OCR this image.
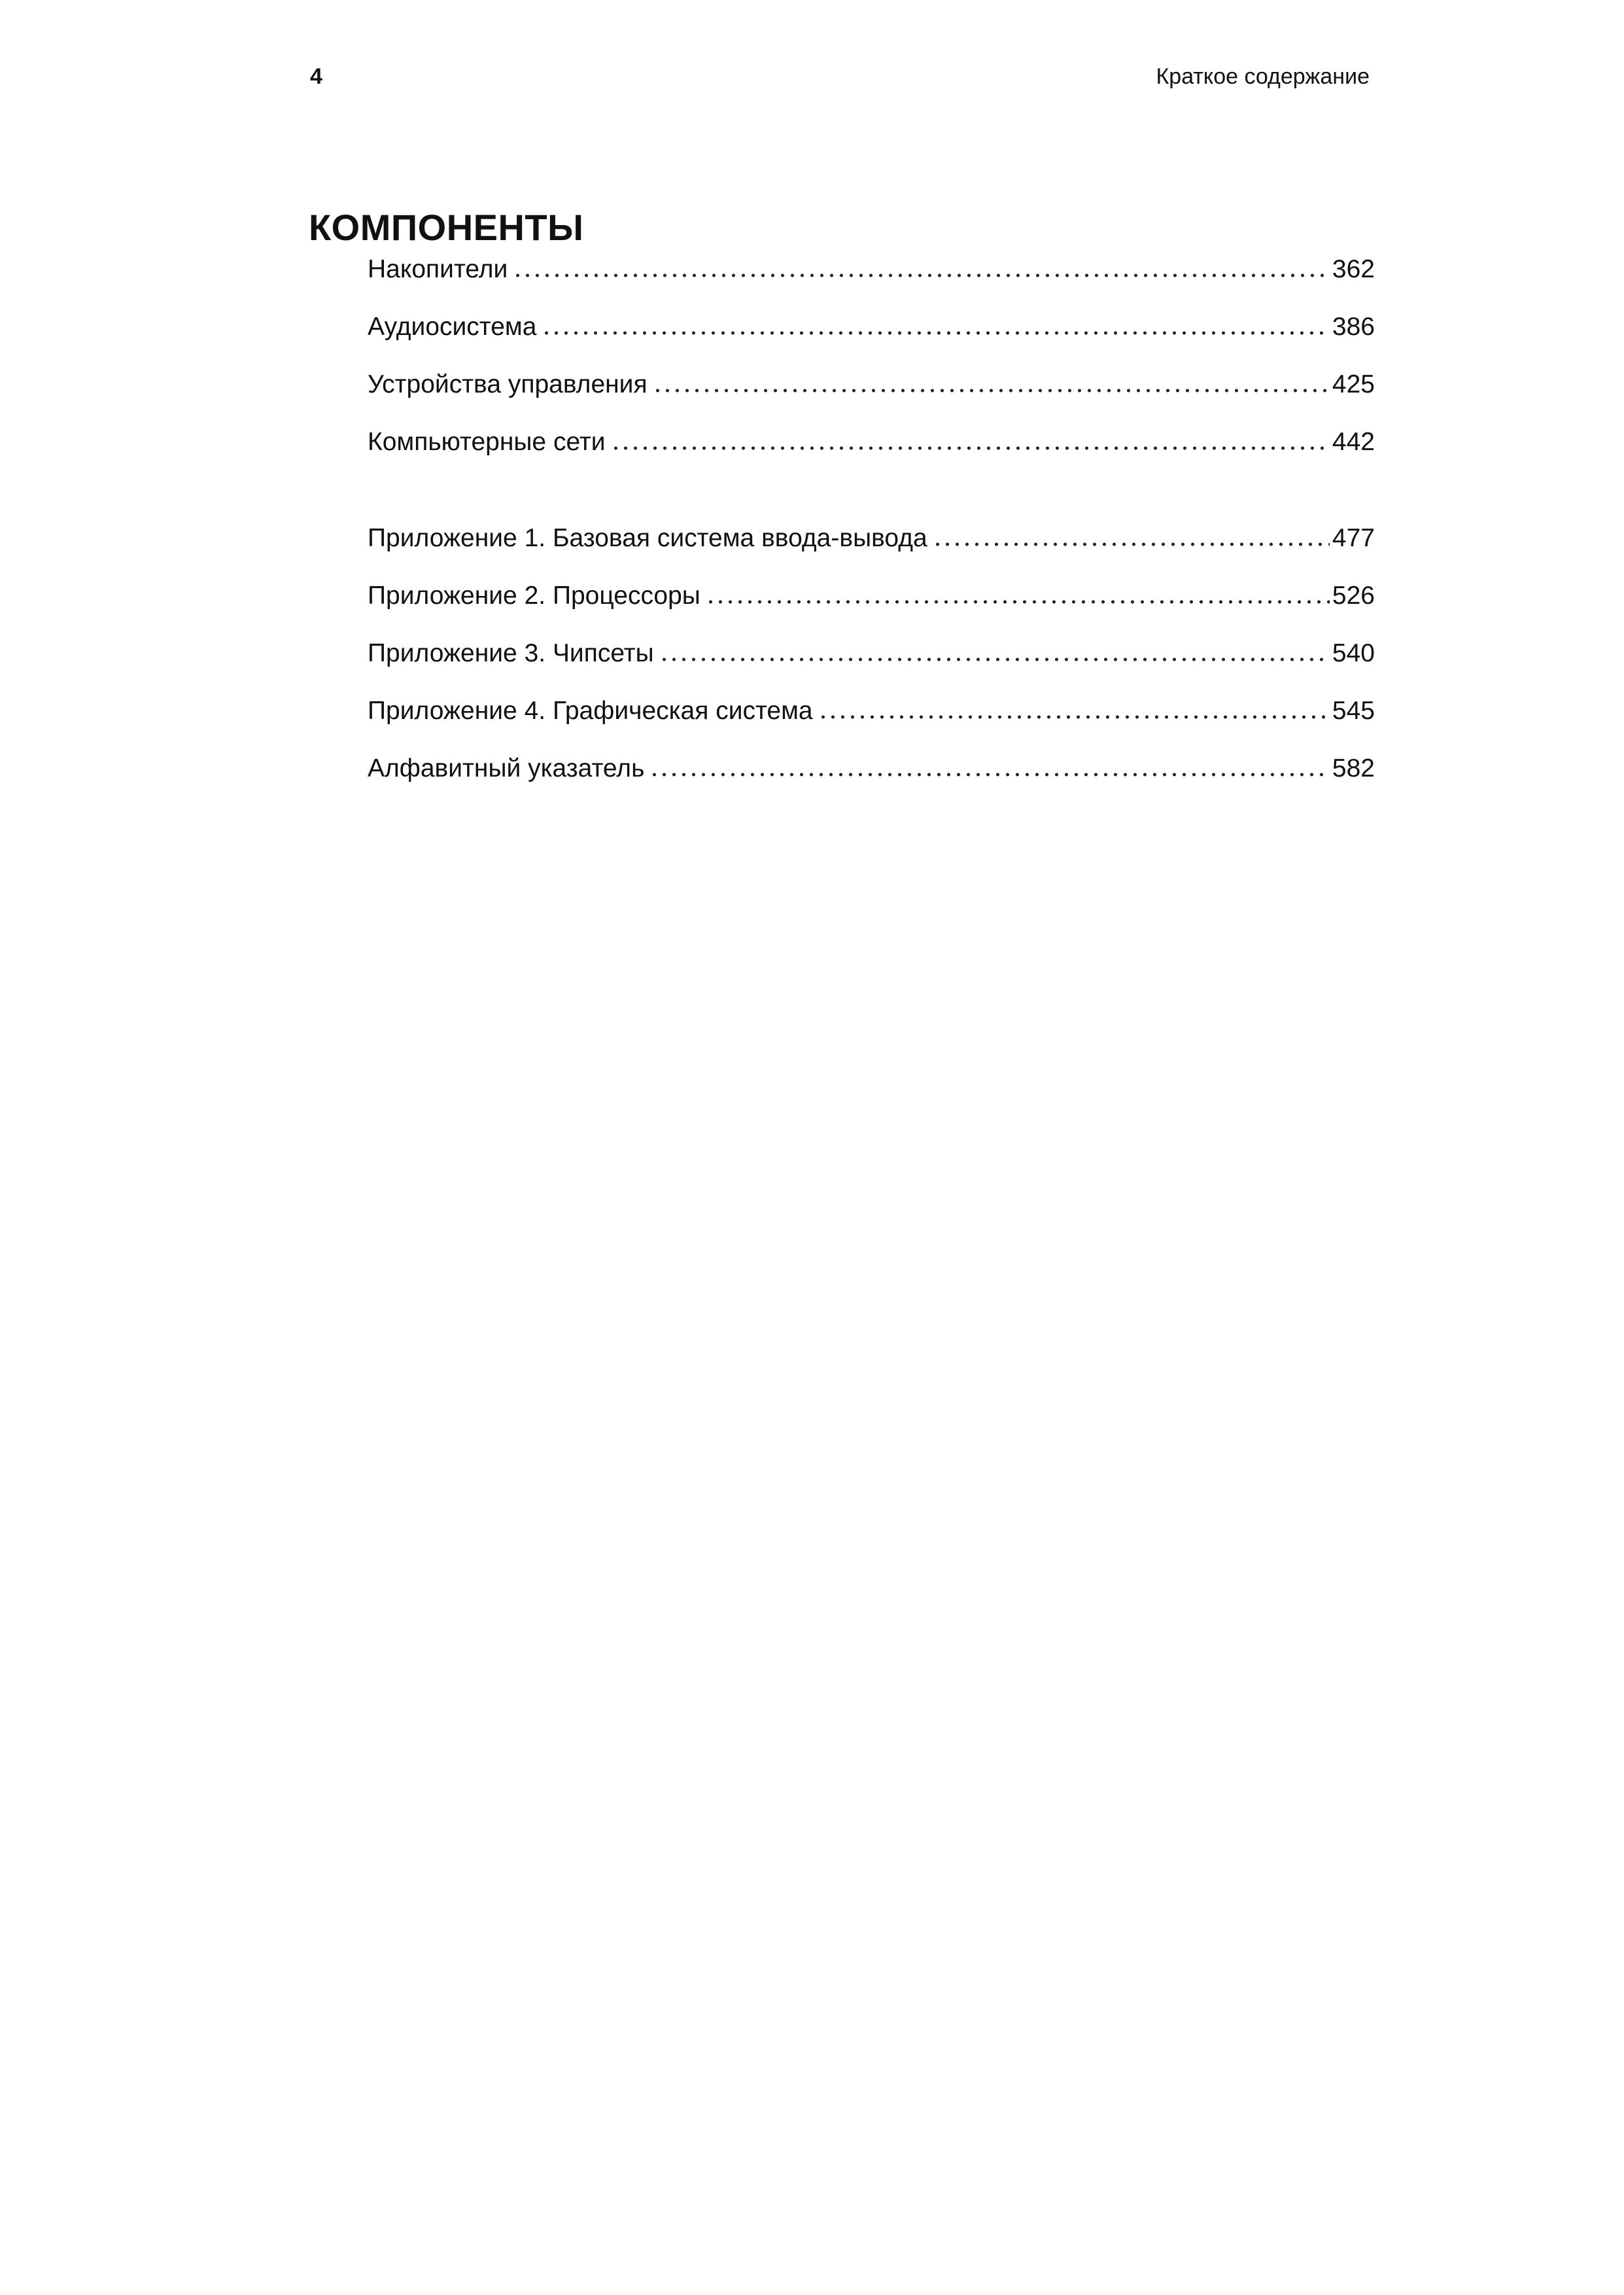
4	Краткое содержание
КОМПОНЕНТЫ
Накопители	362
Аудиосистема	386
Устройства управления	425
Компьютерные сети	442
Приложение 1. Базовая система ввода-вывода	477
Приложение 2. Процессоры	526
Приложение 3. Чипсеты	540
Приложение 4. Графическая система	545
Алфавитный указатель	582
